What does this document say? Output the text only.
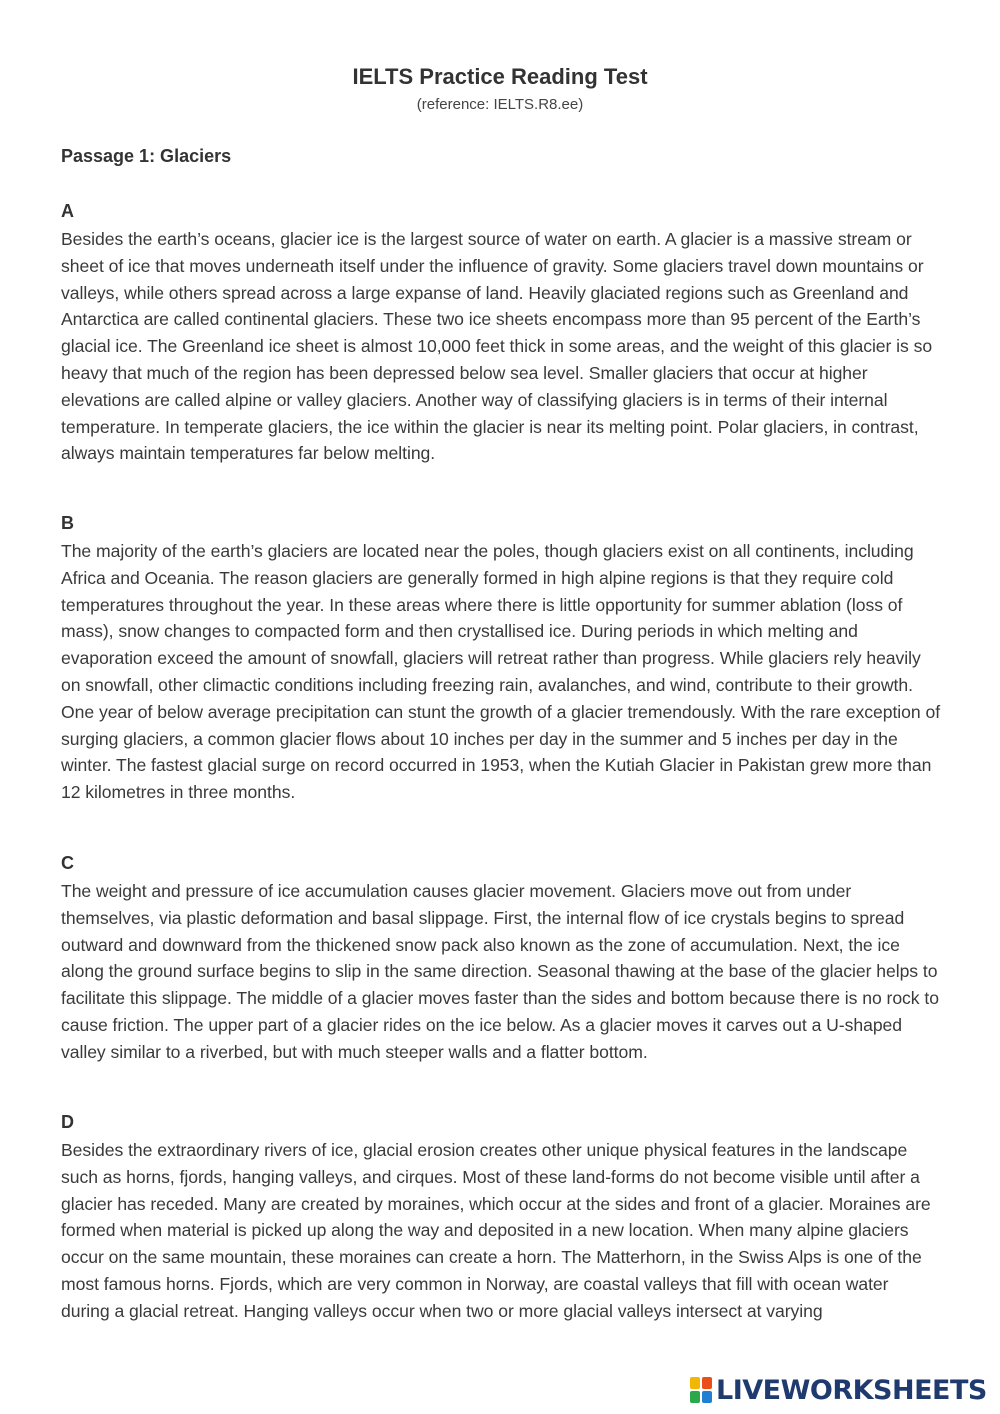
IELTS Practice Reading Test
(reference: IELTS.R8.ee)
Passage 1: Glaciers
A

Besides the earth’s oceans, glacier ice is the largest source of water on earth. A glacier is a massive stream or sheet of ice that moves underneath itself under the influence of gravity. Some glaciers travel down mountains or valleys, while others spread across a large expanse of land. Heavily glaciated regions such as Greenland and Antarctica are called continental glaciers. These two ice sheets encompass more than 95 percent of the Earth’s glacial ice. The Greenland ice sheet is almost 10,000 feet thick in some areas, and the weight of this glacier is so heavy that much of the region has been depressed below sea level. Smaller glaciers that occur at higher elevations are called alpine or valley glaciers. Another way of classifying glaciers is in terms of their internal temperature. In temperate glaciers, the ice within the glacier is near its melting point. Polar glaciers, in contrast, always maintain temperatures far below melting.

B

The majority of the earth’s glaciers are located near the poles, though glaciers exist on all continents, including Africa and Oceania. The reason glaciers are generally formed in high alpine regions is that they require cold temperatures throughout the year. In these areas where there is little opportunity for summer ablation (loss of mass), snow changes to compacted form and then crystallised ice. During periods in which melting and evaporation exceed the amount of snowfall, glaciers will retreat rather than progress. While glaciers rely heavily on snowfall, other climactic conditions including freezing rain, avalanches, and wind, contribute to their growth. One year of below average precipitation can stunt the growth of a glacier tremendously. With the rare exception of surging glaciers, a common glacier flows about 10 inches per day in the summer and 5 inches per day in the winter. The fastest glacial surge on record occurred in 1953, when the Kutiah Glacier in Pakistan grew more than 12 kilometres in three months.

C

The weight and pressure of ice accumulation causes glacier movement. Glaciers move out from under themselves, via plastic deformation and basal slippage. First, the internal flow of ice crystals begins to spread outward and downward from the thickened snow pack also known as the zone of accumulation. Next, the ice along the ground surface begins to slip in the same direction. Seasonal thawing at the base of the glacier helps to facilitate this slippage. The middle of a glacier moves faster than the sides and bottom because there is no rock to cause friction. The upper part of a glacier rides on the ice below. As a glacier moves it carves out a U-shaped valley similar to a riverbed, but with much steeper walls and a flatter bottom.

D

Besides the extraordinary rivers of ice, glacial erosion creates other unique physical features in the landscape such as horns, fjords, hanging valleys, and cirques. Most of these land-forms do not become visible until after a glacier has receded. Many are created by moraines, which occur at the sides and front of a glacier. Moraines are formed when material is picked up along the way and deposited in a new location. When many alpine glaciers occur on the same mountain, these moraines can create a horn. The Matterhorn, in the Swiss Alps is one of the most famous horns. Fjords, which are very common in Norway, are coastal valleys that fill with ocean water during a glacial retreat. Hanging valleys occur when two or more glacial valleys intersect at varying

LIVEWORKSHEETS
